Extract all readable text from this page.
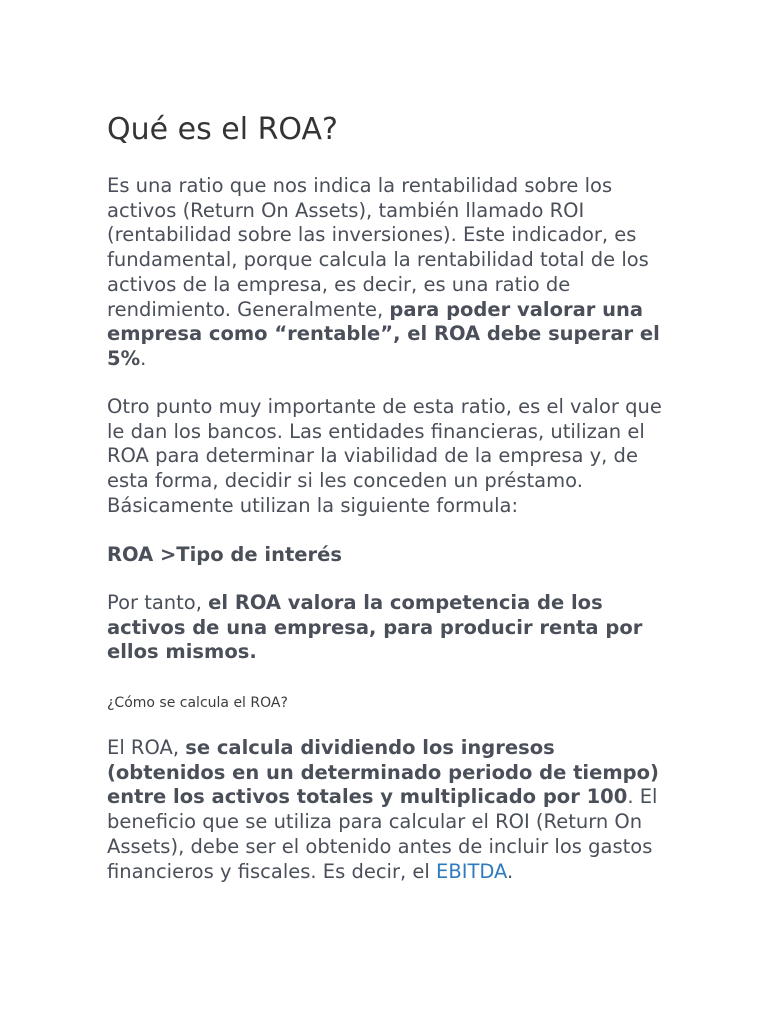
Qué es el ROA?

Es una ratio que nos indica la rentabilidad sobre los activos (Return On Assets), también llamado ROI (rentabilidad sobre las inversiones). Este indicador, es fundamental, porque calcula la rentabilidad total de los activos de la empresa, es decir, es una ratio de rendimiento. Generalmente, para poder valorar una empresa como “rentable”, el ROA debe superar el 5%.

Otro punto muy importante de esta ratio, es el valor que le dan los bancos. Las entidades financieras, utilizan el ROA para determinar la viabilidad de la empresa y, de esta forma, decidir si les conceden un préstamo. Básicamente utilizan la siguiente formula:

ROA >Tipo de interés

Por tanto, el ROA valora la competencia de los activos de una empresa, para producir renta por ellos mismos.

¿Cómo se calcula el ROA?

El ROA, se calcula dividiendo los ingresos (obtenidos en un determinado periodo de tiempo) entre los activos totales y multiplicado por 100. El beneficio que se utiliza para calcular el ROI (Return On Assets), debe ser el obtenido antes de incluir los gastos financieros y fiscales. Es decir, el EBITDA.
